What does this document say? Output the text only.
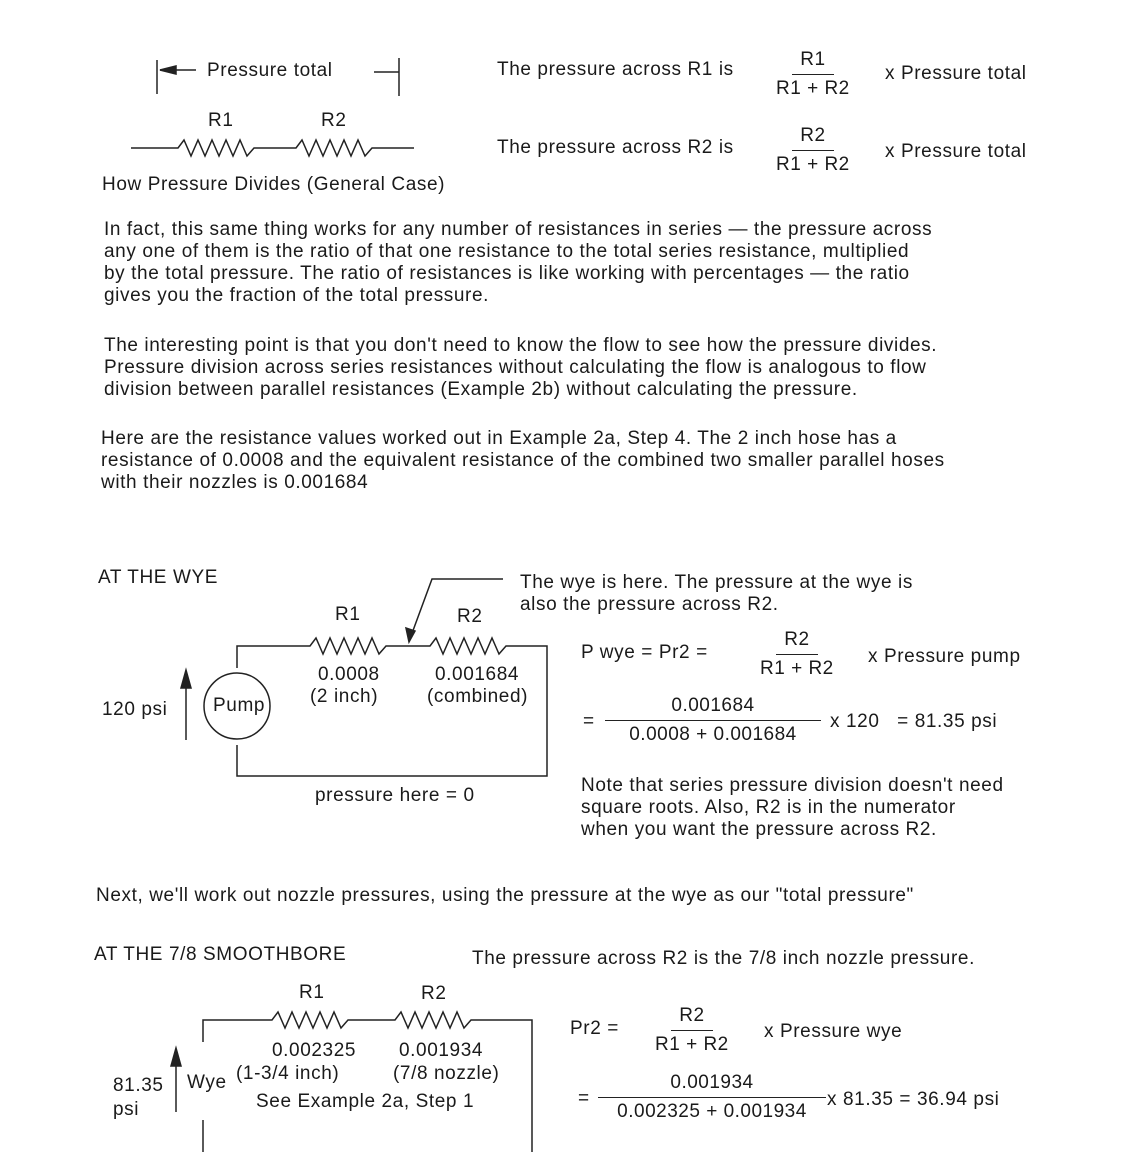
Pressure total
R1	R2
How Pressure Divides (General Case)
The pressure across R1 is $\frac{R1}{R1 + R2}$ x Pressure total
The pressure across R2 is $\frac{R2}{R1 + R2}$ x Pressure total
In fact, this same thing works for any number of resistances in series — the pressure across
any one of them is the ratio of that one resistance to the total series resistance, multiplied
by the total pressure. The ratio of resistances is like working with percentages — the ratio
gives you the fraction of the total pressure.
The interesting point is that you don't need to know the flow to see how the pressure divides.
Pressure division across series resistances without calculating the flow is analogous to flow
division between parallel resistances (Example 2b) without calculating the pressure.
Here are the resistance values worked out in Example 2a, Step 4. The 2 inch hose has a
resistance of 0.0008 and the equivalent resistance of the combined two smaller parallel hoses
with their nozzles is 0.001684
AT THE WYE
R1	R2
0.0008
(2 inch)
0.001684
(combined)
Pump
120 psi
pressure here = 0
The wye is here. The pressure at the wye is
also the pressure across R2.
P wye = $Pr2 = \frac{R2}{R1 + R2}$ x Pressure pump
= $\frac{0.001684}{0.0008 + 0.001684}$ x 120   = 81.35 psi
Note that series pressure division doesn't need
square roots. Also, R2 is in the numerator
when you want the pressure across R2.
Next, we'll work out nozzle pressures, using the pressure at the wye as our "total pressure"
AT THE 7/8 SMOOTHBORE	The pressure across R2 is the 7/8 inch nozzle pressure.
R1	R2
0.002325
(1-3/4 inch)
0.001934
(7/8 nozzle)
See Example 2a, Step 1
81.35
psi
Wye
$Pr2 = \frac{R2}{R1 + R2}$ x Pressure wye
= $\frac{0.001934}{0.002325 + 0.001934}$ x 81.35 = 36.94 psi
